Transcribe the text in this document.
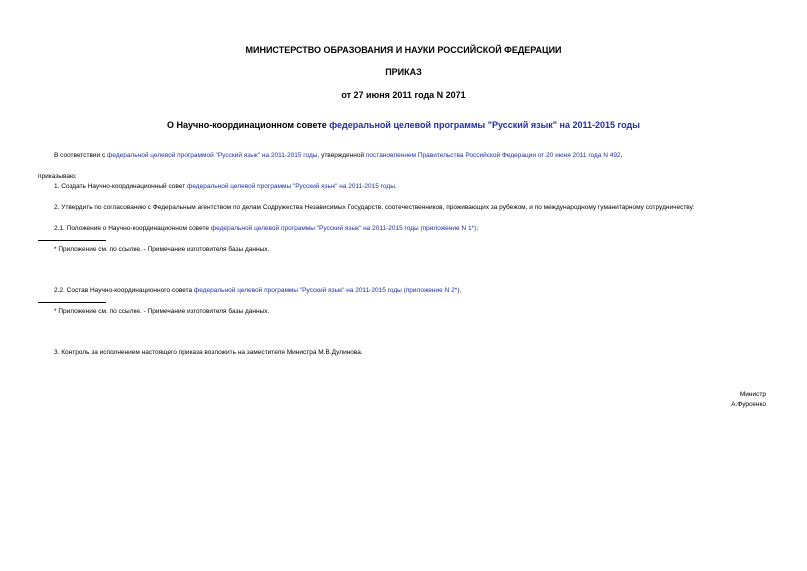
МИНИСТЕРСТВО ОБРАЗОВАНИЯ И НАУКИ РОССИЙСКОЙ ФЕДЕРАЦИИ
ПРИКАЗ
от 27 июня 2011 года N 2071
О Научно-координационном совете федеральной целевой программы "Русский язык" на 2011-2015 годы
В соответствии с федеральной целевой программой "Русский язык" на 2011-2015 годы, утвержденной постановлением Правительства Российской Федерации от 20 июня 2011 года N 492,
приказываю:
1. Создать Научно-координационный совет федеральной целевой программы "Русский язык" на 2011-2015 годы.
2. Утвердить по согласованию с Федеральным агентством по делам Содружества Независимых Государств, соотечественников, проживающих за рубежом, и по международному гуманитарному сотрудничеству:
2.1. Положение о Научно-координационном совете федеральной целевой программы "Русский язык" на 2011-2015 годы (приложение N 1*);
* Приложение см. по ссылке. - Примечание изготовителя базы данных.
2.2. Состав Научно-координационного совета федеральной целевой программы "Русский язык" на 2011-2015 годы (приложение N 2*).
* Приложение см. по ссылке. - Примечание изготовителя базы данных.
3. Контроль за исполнением настоящего приказа возложить на заместителя Министра М.В.Дулинова.
Министр
А.Фурсенко
